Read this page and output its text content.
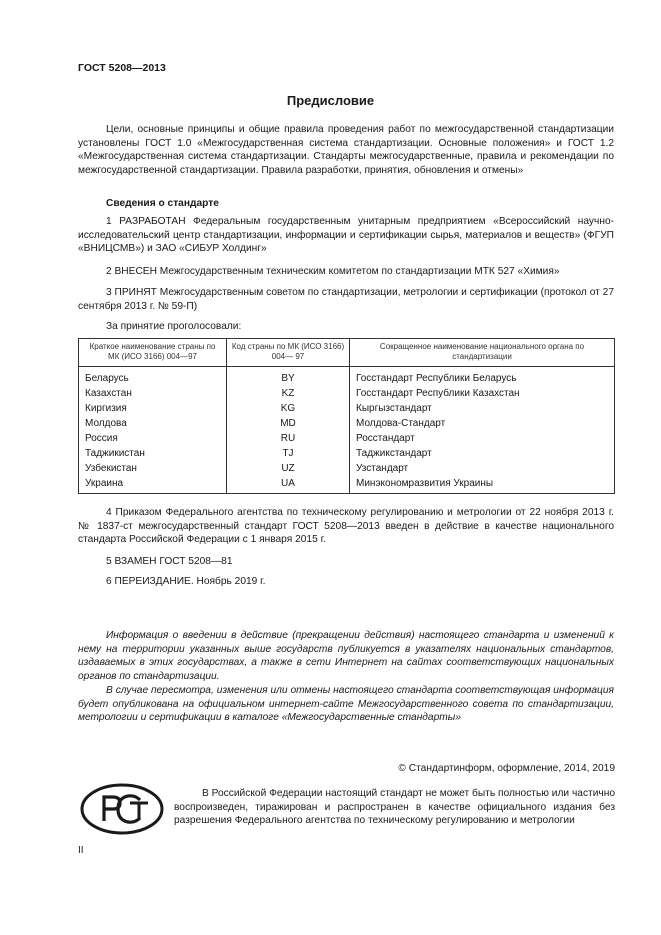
ГОСТ 5208—2013
Предисловие

Цели, основные принципы и общие правила проведения работ по межгосударственной стандартизации установлены ГОСТ 1.0 «Межгосударственная система стандартизации. Основные положения» и ГОСТ 1.2 «Межгосударственная система стандартизации. Стандарты межгосударственные, правила и рекомендации по межгосударственной стандартизации. Правила разработки, принятия, обновления и отмены»

Сведения о стандарте

1 РАЗРАБОТАН Федеральным государственным унитарным предприятием «Всероссийский научно-исследовательский центр стандартизации, информации и сертификации сырья, материалов и веществ» (ФГУП «ВНИЦСМВ») и ЗАО «СИБУР Холдинг»

2 ВНЕСЕН Межгосударственным техническим комитетом по стандартизации МТК 527 «Химия»

3 ПРИНЯТ Межгосударственным советом по стандартизации, метрологии и сертификации (протокол от 27 сентября 2013 г. № 59-П)

За принятие проголосовали:

Краткое наименование страны по МК (ИСО 3166) 004—97	Код страны по МК (ИСО 3166) 004— 97	Сокращенное наименование национального органа по стандартизации
Беларусь	BY	Госстандарт Республики Беларусь
Казахстан	KZ	Госстандарт Республики Казахстан
Киргизия	KG	Кыргызстандарт
Молдова	MD	Молдова-Стандарт
Россия	RU	Росстандарт
Таджикистан	TJ	Таджикстандарт
Узбекистан	UZ	Узстандарт
Украина	UA	Минэкономразвития Украины

4 Приказом Федерального агентства по техническому регулированию и метрологии от 22 ноября 2013 г. № 1837-ст межгосударственный стандарт ГОСТ 5208—2013 введен в действие в качестве национального стандарта Российской Федерации с 1 января 2015 г.

5 ВЗАМЕН ГОСТ 5208—81

6 ПЕРЕИЗДАНИЕ. Ноябрь 2019 г.

Информация о введении в действие (прекращении действия) настоящего стандарта и изменений к нему на территории указанных выше государств публикуется в указателях национальных стандартов, издаваемых в этих государствах, а также в сети Интернет на сайтах соответствующих национальных органов по стандартизации.

В случае пересмотра, изменения или отмены настоящего стандарта соответствующая информация будет опубликована на официальном интернет-сайте Межгосударственного совета по стандартизации, метрологии и сертификации в каталоге «Межгосударственные стандарты»

© Стандартинформ, оформление, 2014, 2019

В Российской Федерации настоящий стандарт не может быть полностью или частично воспроизведен, тиражирован и распространен в качестве официального издания без разрешения Федерального агентства по техническому регулированию и метрологии

II
